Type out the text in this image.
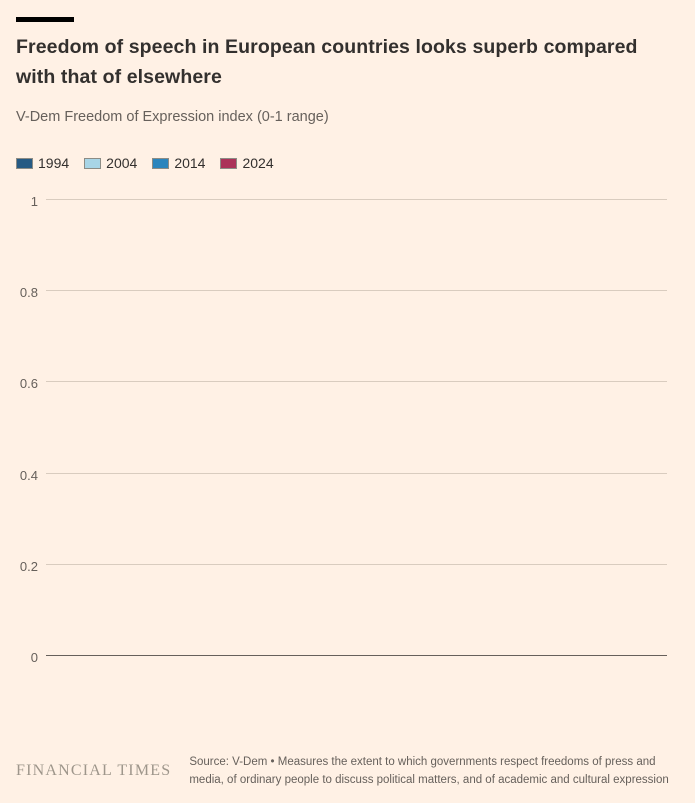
Freedom of speech in European countries looks superb compared with that of elsewhere
V-Dem Freedom of Expression index (0-1 range)
1994	2004	2014	2024
0
0.2
0.4
0.6
0.8
1
FINANCIAL TIMES Source: V-Dem • Measures the extent to which governments respect freedoms of press and media, of ordinary people to discuss political matters, and of academic and cultural expression
